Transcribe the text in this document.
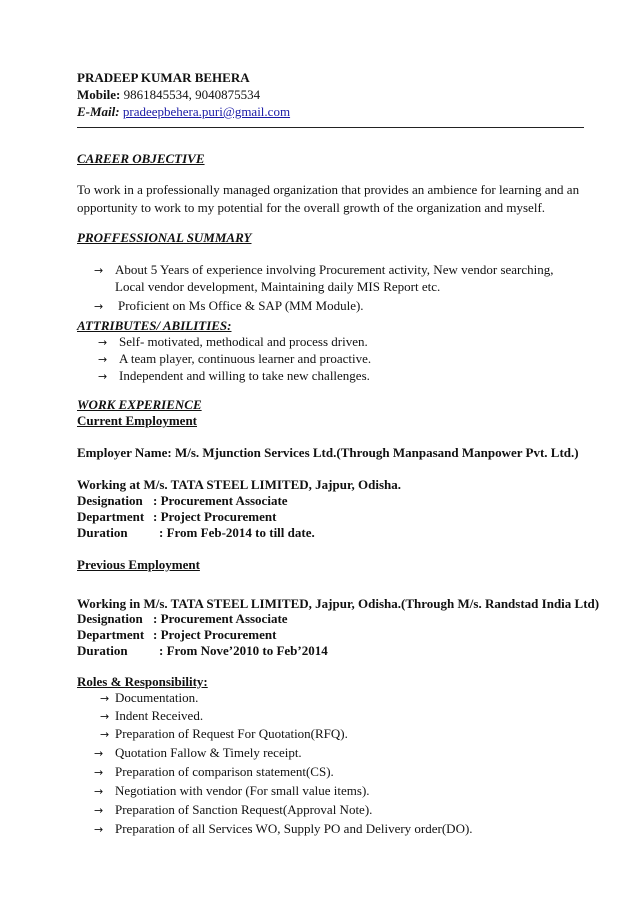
PRADEEP KUMAR BEHERA
Mobile: 9861845534, 9040875534
E-Mail: pradeepbehera.puri@gmail.com
CAREER OBJECTIVE
To work in a professionally managed organization that provides an ambience for learning and an
opportunity to work to my potential for the overall growth of the organization and myself.
PROFFESSIONAL SUMMARY
→ About 5 Years of experience involving Procurement activity, New vendor searching,
Local vendor development, Maintaining daily MIS Report etc.
→ Proficient on Ms Office & SAP (MM Module).
ATTRIBUTES/ ABILITIES:
→ Self- motivated, methodical and process driven.
→ A team player, continuous learner and proactive.
→ Independent and willing to take new challenges.
WORK EXPERIENCE
Current Employment
Employer Name: M/s. Mjunction Services Ltd.(Through Manpasand Manpower Pvt. Ltd.)
Working at M/s. TATA STEEL LIMITED, Jajpur, Odisha.
Designation : Procurement Associate
Department : Project Procurement
Duration : From Feb-2014 to till date.
Previous Employment
Working in M/s. TATA STEEL LIMITED, Jajpur, Odisha.(Through M/s. Randstad India Ltd)
Designation : Procurement Associate
Department : Project Procurement
Duration : From Nove’2010 to Feb’2014
Roles & Responsibility:
→ Documentation.
→ Indent Received.
→ Preparation of Request For Quotation(RFQ).
→ Quotation Fallow & Timely receipt.
→ Preparation of comparison statement(CS).
→ Negotiation with vendor (For small value items).
→ Preparation of Sanction Request(Approval Note).
→ Preparation of all Services WO, Supply PO and Delivery order(DO).
